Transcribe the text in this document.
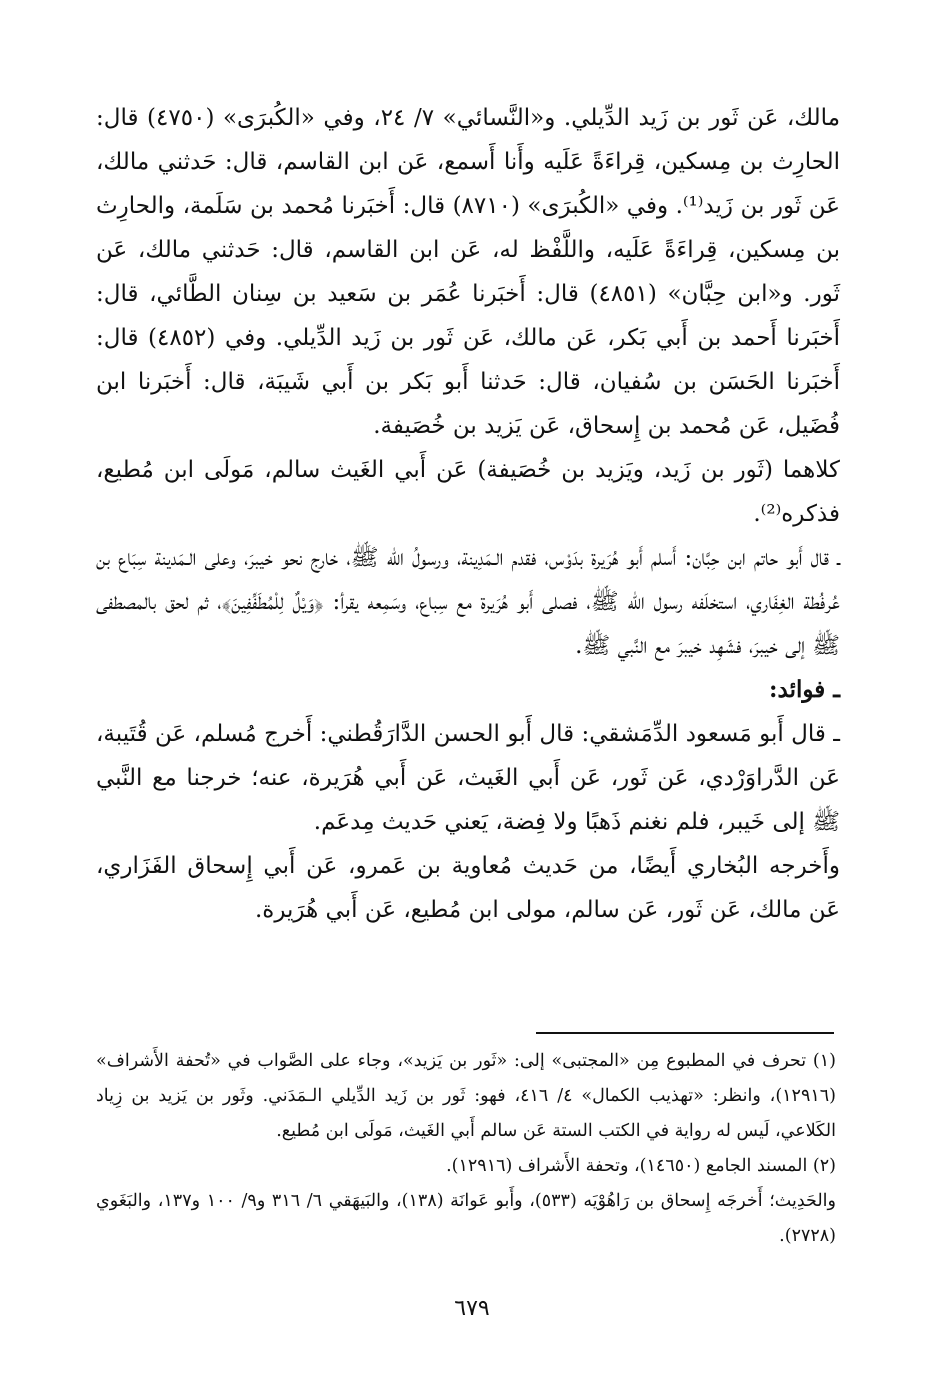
مالك، عَن ثَور بن زَيد الدِّيلي. و«النَّسائي» ٧/ ٢٤، وفي «الكُبرَى» (٤٧٥٠) قال: الحارِث بن مِسكين، قِراءَةً عَلَيه وأَنا أَسمع، عَن ابن القاسم، قال: حَدثني مالك، عَن ثَور بن زَيد⁽¹⁾. وفي «الكُبرَى» (٨٧١٠) قال: أَخبَرنا مُحمد بن سَلَمة، والحارِث بن مِسكين، قِراءَةً عَلَيه، واللَّفْظ له، عَن ابن القاسم، قال: حَدثني مالك، عَن ثَور. و«ابن حِبَّان» (٤٨٥١) قال: أَخبَرنا عُمَر بن سَعيد بن سِنان الطَّائي، قال: أَخبَرنا أَحمد بن أَبي بَكر، عَن مالك، عَن ثَور بن زَيد الدِّيلي. وفي (٤٨٥٢) قال: أَخبَرنا الحَسَن بن سُفيان، قال: حَدثنا أَبو بَكر بن أَبي شَيبَة، قال: أَخبَرنا ابن فُضَيل، عَن مُحمد بن إِسحاق، عَن يَزيد بن خُصَيفة.

كلاهما (ثَور بن زَيد، ويَزيد بن خُصَيفة) عَن أَبي الغَيث سالم، مَولَى ابن مُطيع، فذكره⁽²⁾.

ـ قال أَبو حاتم ابن حِبَّان: أَسلم أَبو هُرَيرة بدَوْس، فقدم الـمَدِينة، ورسولُ الله ﷺ، خارج نحو خيبرَ، وعلى الـمَدينة سِبَاع بن عُرفُطة الغِفَاري، استخلَفه رسول الله ﷺ، فصلى أَبو هُرَيرة مع سِباع، وسَمِعه يقرأ: ﴿وَيْلٌ لِلْمُطَفِّفِينَ﴾، ثم لحق بالمصطفى ﷺ إلى خيبرَ، فشَهِد خيبرَ مع النَّبي ﷺ.

ـ فوائد:

ـ قال أَبو مَسعود الدِّمَشقي: قال أَبو الحسن الدَّارَقُطني: أَخرج مُسلم، عَن قُتَيبة، عَن الدَّراوَرْدي، عَن ثَور، عَن أَبي الغَيث، عَن أَبي هُرَيرة، عنه؛ خرجنا مع النَّبي ﷺ إلى خَيبر، فلم نغنم ذَهبًا ولا فِضة، يَعني حَديث مِدعَم.

وأَخرجه البُخاري أَيضًا، من حَديث مُعاوية بن عَمرو، عَن أَبي إِسحاق الفَزَاري، عَن مالك، عَن ثَور، عَن سالم، مولى ابن مُطيع، عَن أَبي هُرَيرة.

(١) تحرف في المطبوع مِن «المجتبى» إلى: «ثَور بن يَزيد»، وجاء على الصَّواب في «تُحفة الأَشراف» (١٢٩١٦)، وانظر: «تهذيب الكمال» ٤/ ٤١٦، فهو: ثَور بن زَيد الدِّيلي الـمَدَني. وثَور بن يَزيد بن زِياد الكَلاعي، لَيس له رواية في الكتب الستة عَن سالم أَبي الغَيث، مَولَى ابن مُطيع.

(٢) المسند الجامع (١٤٦٥٠)، وتحفة الأَشراف (١٢٩١٦).

والحَدِيث؛ أَخرجَه إِسحاق بن رَاهُوْيَه (٥٣٣)، وأَبو عَوانَة (١٣٨)، والبَيهَقي ٦/ ٣١٦ و٩/ ١٠٠ و١٣٧، والبَغَوي (٢٧٢٨).

٦٧٩
